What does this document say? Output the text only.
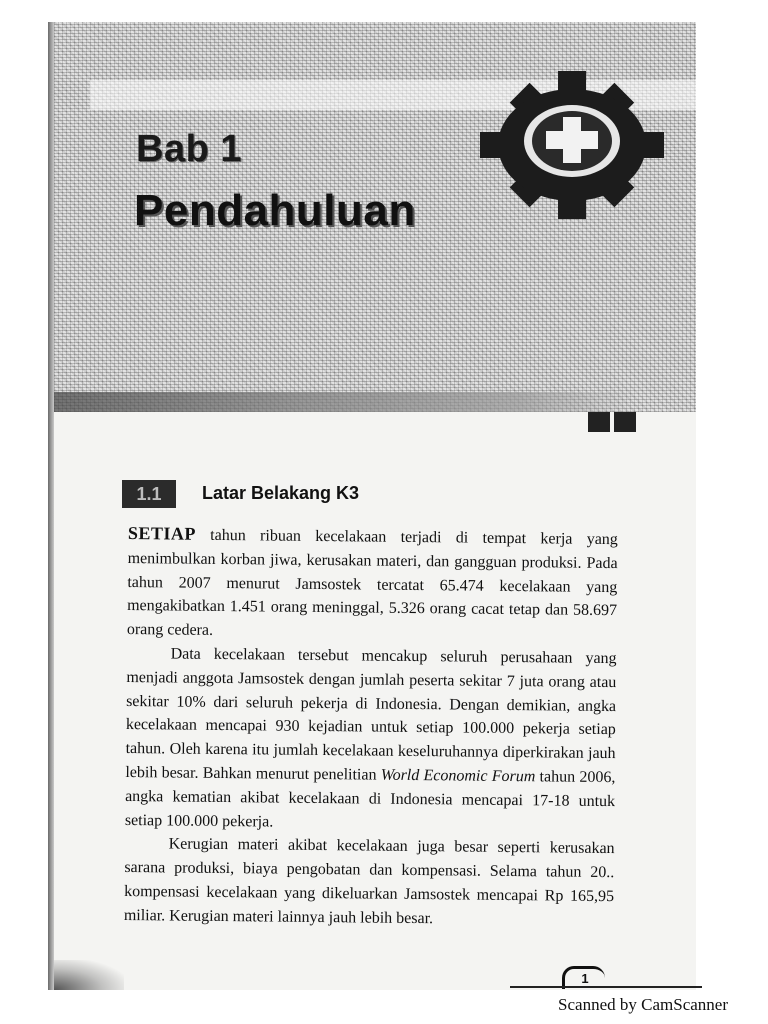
Bab 1
Pendahuluan
1.1	Latar Belakang K3

SETIAP tahun ribuan kecelakaan terjadi di tempat kerja yang menimbulkan korban jiwa, kerusakan materi, dan gangguan produksi. Pada tahun 2007 menurut Jamsostek tercatat 65.474 kecelakaan yang mengakibatkan 1.451 orang meninggal, 5.326 orang cacat tetap dan 58.697 orang cedera.

Data kecelakaan tersebut mencakup seluruh perusahaan yang menjadi anggota Jamsostek dengan jumlah peserta sekitar 7 juta orang atau sekitar 10% dari seluruh pekerja di Indonesia. Dengan demikian, angka kecelakaan mencapai 930 kejadian untuk setiap 100.000 pekerja setiap tahun. Oleh karena itu jumlah kecelakaan keseluruhannya diperkirakan jauh lebih besar. Bahkan menurut penelitian World Economic Forum tahun 2006, angka kematian akibat kecelakaan di Indonesia mencapai 17-18 untuk setiap 100.000 pekerja.

Kerugian materi akibat kecelakaan juga besar seperti kerusakan sarana produksi, biaya pengobatan dan kompensasi. Selama tahun 20.. kompensasi kecelakaan yang dikeluarkan Jamsostek mencapai Rp 165,95 miliar. Kerugian materi lainnya jauh lebih besar.

1
Scanned by CamScanner
